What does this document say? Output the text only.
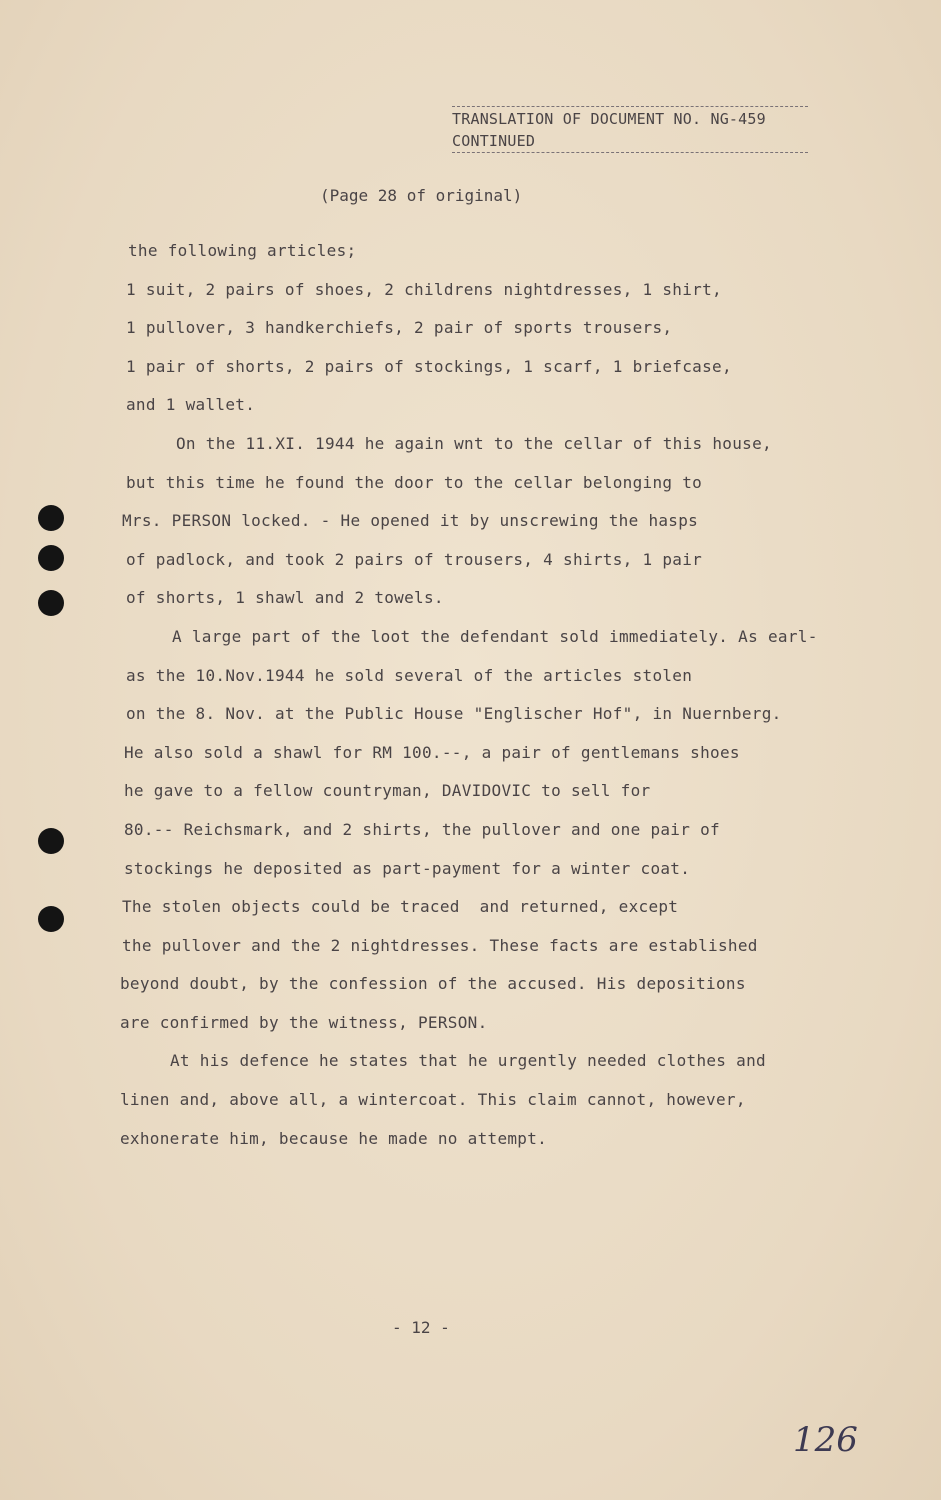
TRANSLATION OF DOCUMENT NO. NG-459
CONTINUED
(Page 28 of original)
the following articles;
1 suit, 2 pairs of shoes, 2 childrens nightdresses, 1 shirt,
1 pullover, 3 handkerchiefs, 2 pair of sports trousers,
1 pair of shorts, 2 pairs of stockings, 1 scarf, 1 briefcase,
and 1 wallet.
On the 11.XI. 1944 he again wnt to the cellar of this house,
but this time he found the door to the cellar belonging to
Mrs. PERSON locked. - He opened it by unscrewing the hasps
of padlock, and took 2 pairs of trousers, 4 shirts, 1 pair
of shorts, 1 shawl and 2 towels.
A large part of the loot the defendant sold immediately. As earl-
as the 10.Nov.1944 he sold several of the articles stolen
on the 8. Nov. at the Public House "Englischer Hof", in Nuernberg.
He also sold a shawl for RM 100.--, a pair of gentlemans shoes
he gave to a fellow countryman, DAVIDOVIC to sell for
80.-- Reichsmark, and 2 shirts, the pullover and one pair of
stockings he deposited as part-payment for a winter coat.
The stolen objects could be traced  and returned, except
the pullover and the 2 nightdresses. These facts are established
beyond doubt, by the confession of the accused. His depositions
are confirmed by the witness, PERSON.
At his defence he states that he urgently needed clothes and
linen and, above all, a wintercoat. This claim cannot, however,
exhonerate him, because he made no attempt.
- 12 -
126
